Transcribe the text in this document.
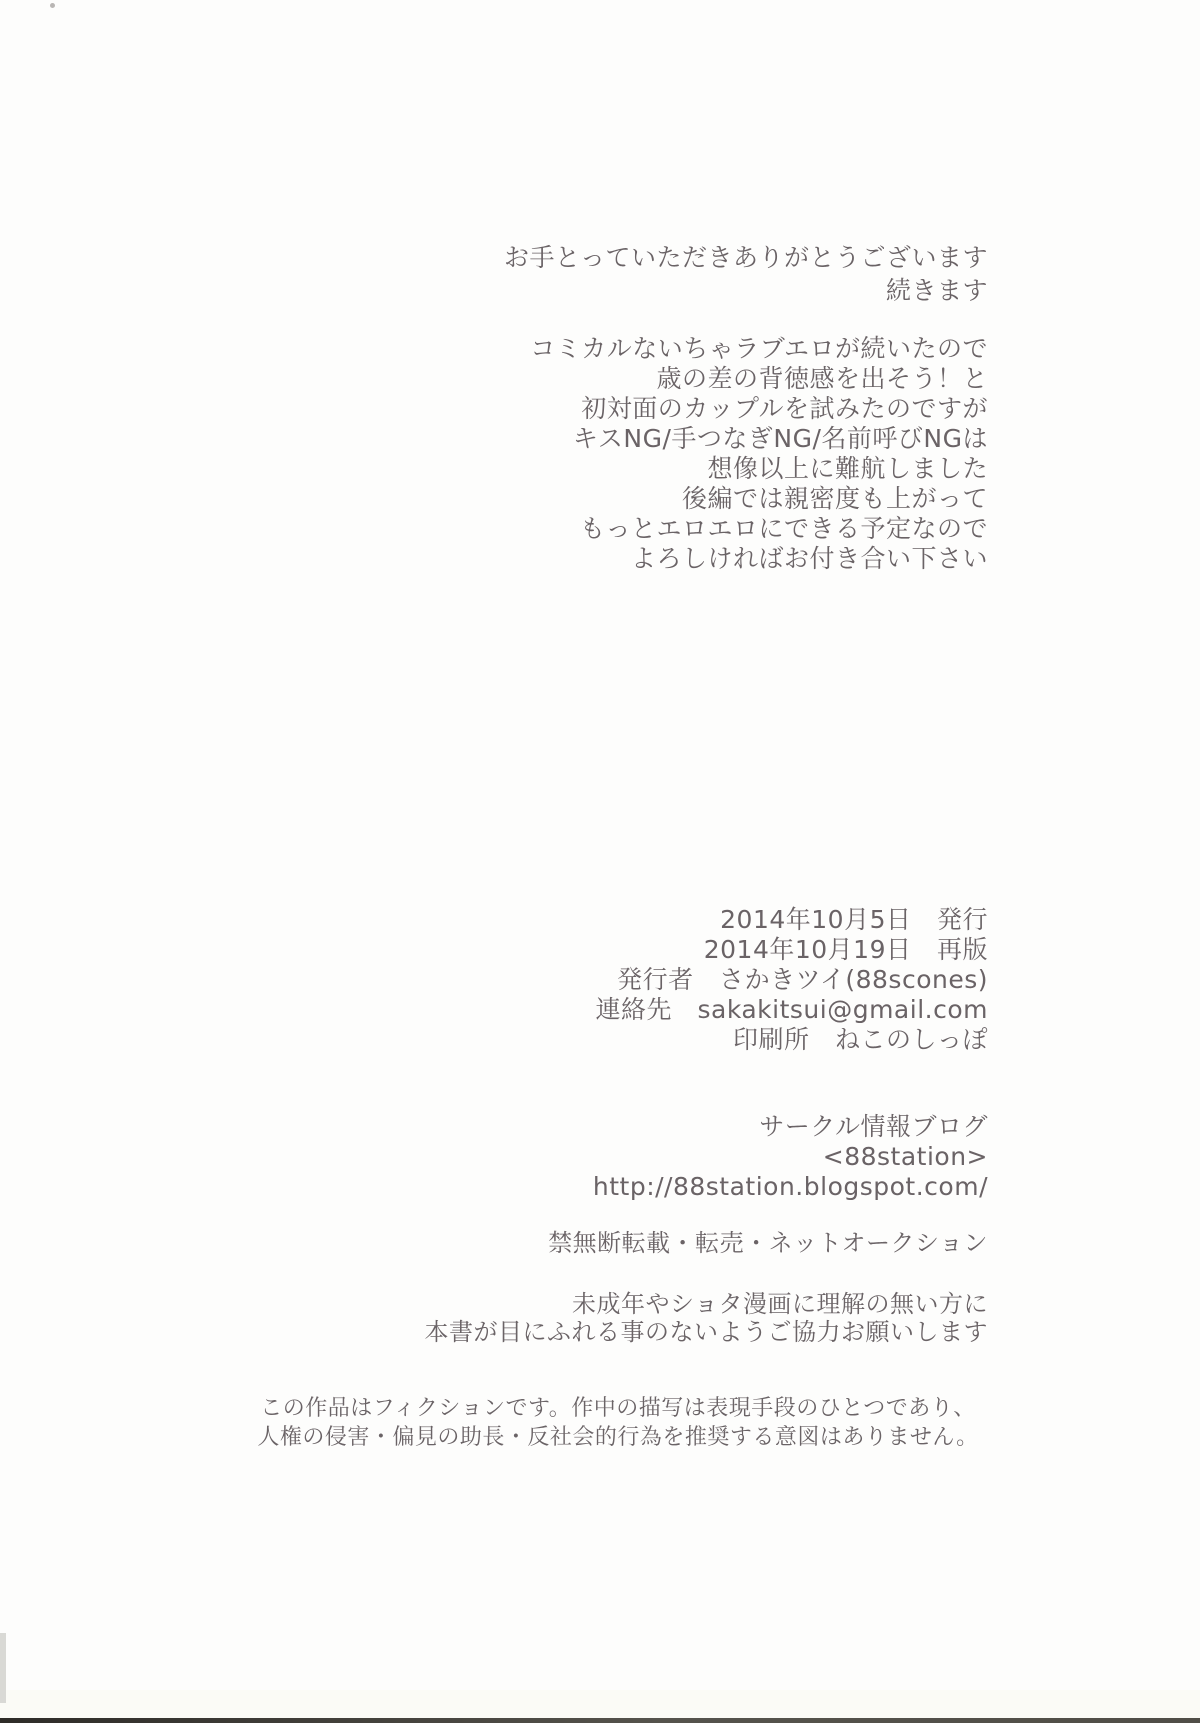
お手とっていただきありがとうございます
続きます
コミカルないちゃラブエロが続いたので
歳の差の背徳感を出そう！と
初対面のカップルを試みたのですが
キスNG/手つなぎNG/名前呼びNGは
想像以上に難航しました
後編では親密度も上がって
もっとエロエロにできる予定なので
よろしければお付き合い下さい
2014年10月5日　発行
2014年10月19日　再版
発行者　さかきツイ(88scones)
連絡先　sakakitsui@gmail.com
印刷所　ねこのしっぽ
サークル情報ブログ
<88station>
http://88station.blogspot.com/
禁無断転載・転売・ネットオークション
未成年やショタ漫画に理解の無い方に
本書が目にふれる事のないようご協力お願いします
この作品はフィクションです。作中の描写は表現手段のひとつであり、
人権の侵害・偏見の助長・反社会的行為を推奨する意図はありません。
